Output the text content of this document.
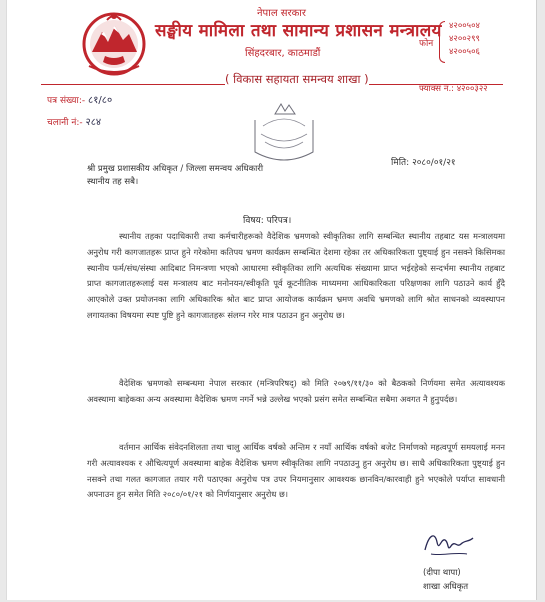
नेपाल सरकार
सङ्घीय मामिला तथा सामान्य प्रशासन मन्त्रालय
सिंहदरबार, काठमाडौं
( विकास सहायता समन्वय शाखा )
फोन
४२००५०४
४२००२९९
४२००५०६
फ्याक्स नं.: ४२००३२२
पत्र संख्या:- ८१/८०
चलानी नं:- २८४
मिति: २०८०/०१/२१
श्री प्रमुख प्रशासकीय अधिकृत / जिल्ला समन्वय अधिकारी
स्थानीय तह सबै।
विषय: परिपत्र।
स्थानीय तहका पदाधिकारी तथा कर्मचारीहरूको वैदेशिक भ्रमणको स्वीकृतिका लागि सम्बन्धित स्थानीय तहबाट यस मन्त्रालयमा अनुरोध गरी कागजातहरू प्राप्त हुने गरेकोमा कतिपय भ्रमण कार्यक्रम सम्बन्धित देशमा रहेका तर अधिकारिकता पुष्ट्याई हुन नसक्ने किसिमका स्थानीय फर्म/संघ/संस्था आदिबाट निमन्त्रणा भएको आधारमा स्वीकृतिका लागि अत्यधिक संख्यामा प्राप्त भईरहेको सन्दर्भमा स्थानीय तहबाट प्राप्त कागजातहरूलाई यस मन्त्रालय बाट मनोनयन/स्वीकृति पूर्व कूटनीतिक माध्यममा आधिकारिकता परिक्षणका लागि पठाउने कार्य हुँदै आएकोले उक्त प्रयोजनका लागि अधिकारिक श्रोत बाट प्राप्त आयोजक कार्यक्रम भ्रमण अवधि भ्रमणको लागि श्रोत साधनको व्यवस्थापन लगायतका विषयमा स्पष्ट पुष्टि हुने कागजातहरू संलग्न गरेर मात्र पठाउन हुन अनुरोध छ।
वैदेशिक भ्रमणको सम्बन्धमा नेपाल सरकार (मन्त्रिपरिषद्) को मिति २०७९/११/३० को बैठकको निर्णयमा समेत अत्यावश्यक अवस्थामा बाहेकका अन्य अवस्थामा वैदेशिक भ्रमण नगर्ने भन्ने उल्लेख भएको प्रसंग समेत सम्बन्धित सबैमा अवगत नै हुनुपर्दछ।
वर्तमान आर्थिक संवेदनशिलता तथा चालु आर्थिक वर्षको अन्तिम र नयाँ आर्थिक वर्षको बजेट निर्माणको महत्वपूर्ण समयलाई मनन गरी अत्यावश्यक र औचित्यपूर्ण अवस्थामा बाहेक वैदेशिक भ्रमण स्वीकृतिका लागि नपठाउनु हुन अनुरोध छ। साथै अधिकारिकता पुष्ट्याई हुन नसक्ने तथा गलत कागजात तयार गरी पठाएका अनुरोध पत्र उपर नियमानुसार आवश्यक छानविन/कारवाही हुने भएकोले पर्याप्त सावधानी अपनाउन हुन समेत मिति २०८०/०१/२१ को निर्णयानुसार अनुरोध छ।
(दीपा थापा)
शाखा अधिकृत
